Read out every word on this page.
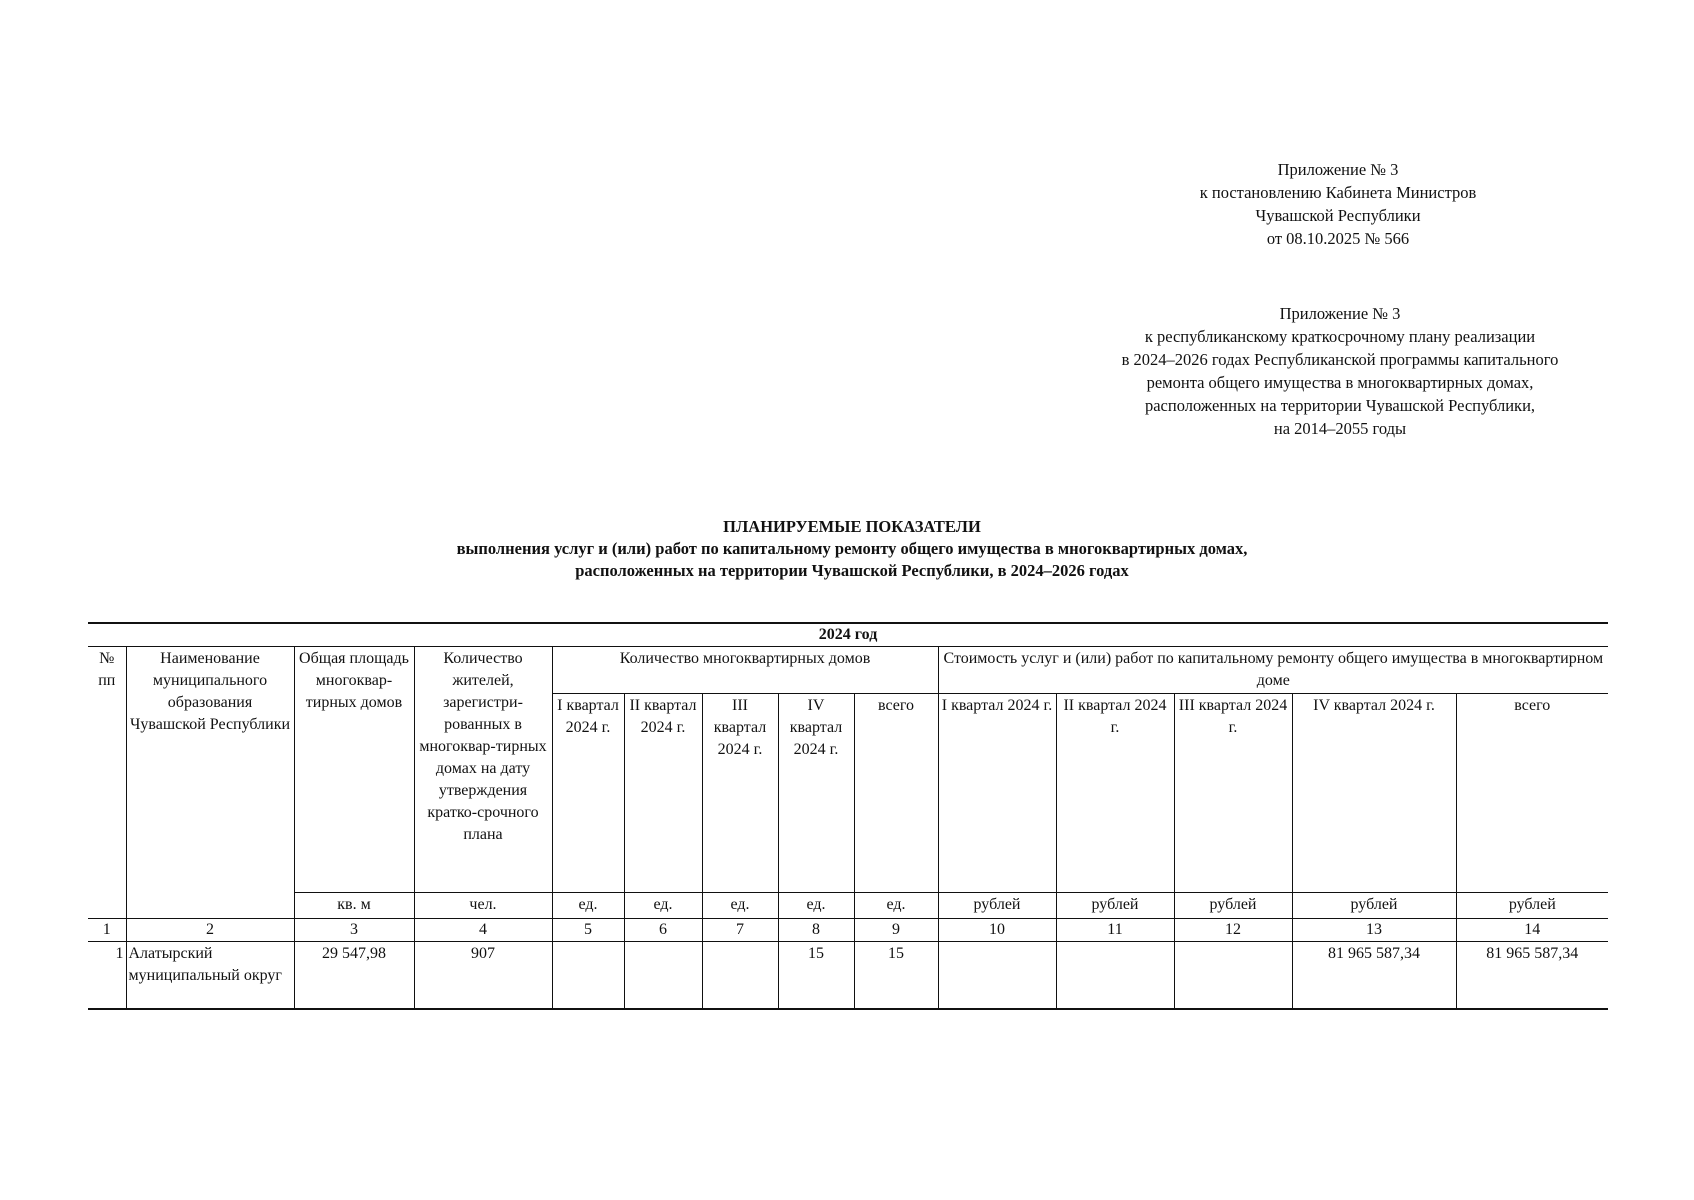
Приложение № 3
к постановлению Кабинета Министров
Чувашской Республики
от 08.10.2025 № 566
Приложение № 3
к республиканскому краткосрочному плану реализации
в 2024–2026 годах Республиканской программы капитального
ремонта общего имущества в многоквартирных домах,
расположенных на территории Чувашской Республики,
на 2014–2055 годы
ПЛАНИРУЕМЫЕ ПОКАЗАТЕЛИ
выполнения услуг и (или) работ по капитальному ремонту общего имущества в многоквартирных домах,
расположенных на территории Чувашской Республики, в 2024–2026 годах
2024 год													
№ пп	Наименование муниципального образования Чувашской Республики	Общая площадь многоквар-тирных домов	Количество жителей, зарегистри-рованных в многоквар-тирных домах на дату утверждения кратко-срочного плана	Количество многоквартирных домов					Стоимость услуг и (или) работ по капитальному ремонту общего имущества в многоквартирном доме				
				I квартал 2024 г.	II квартал 2024 г.	III квартал 2024 г.	IV квартал 2024 г.	всего	I квартал 2024 г.	II квартал 2024 г.	III квартал 2024 г.	IV квартал 2024 г.	всего
		кв. м	чел.	ед.	ед.	ед.	ед.	ед.	рублей	рублей	рублей	рублей	рублей
1	2	3	4	5	6	7	8	9	10	11	12	13	14
1	Алатырский муниципальный округ	29 547,98	907				15	15				81 965 587,34	81 965 587,34
